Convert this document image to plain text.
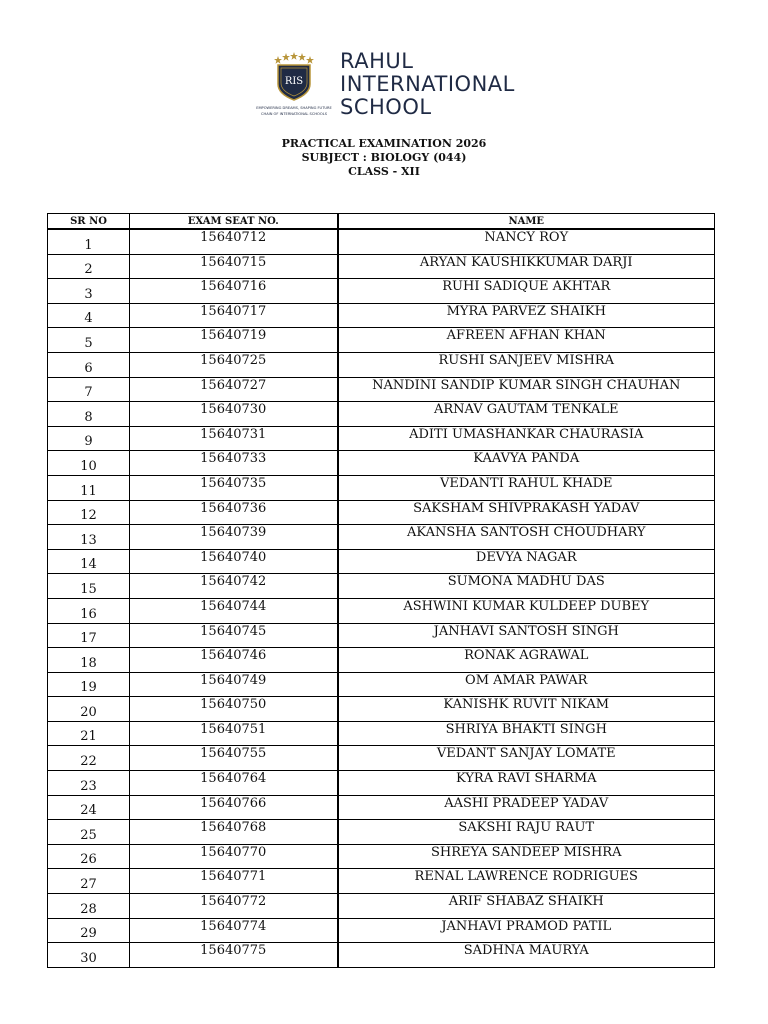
RIS
EMPOWERING DREAMS, SHAPING FUTURE
CHAIN OF INTERNATIONAL SCHOOLS
RAHUL
INTERNATIONAL
SCHOOL
PRACTICAL EXAMINATION 2026
SUBJECT : BIOLOGY (044)
CLASS - XII
SR NO	EXAM SEAT NO.	NAME
1	15640712	NANCY ROY
2	15640715	ARYAN KAUSHIKKUMAR DARJI
3	15640716	RUHI SADIQUE AKHTAR
4	15640717	MYRA PARVEZ SHAIKH
5	15640719	AFREEN AFHAN KHAN
6	15640725	RUSHI SANJEEV MISHRA
7	15640727	NANDINI SANDIP KUMAR SINGH CHAUHAN
8	15640730	ARNAV GAUTAM TENKALE
9	15640731	ADITI UMASHANKAR CHAURASIA
10	15640733	KAAVYA PANDA
11	15640735	VEDANTI RAHUL KHADE
12	15640736	SAKSHAM SHIVPRAKASH YADAV
13	15640739	AKANSHA SANTOSH CHOUDHARY
14	15640740	DEVYA NAGAR
15	15640742	SUMONA MADHU DAS
16	15640744	ASHWINI KUMAR KULDEEP DUBEY
17	15640745	JANHAVI SANTOSH SINGH
18	15640746	RONAK AGRAWAL
19	15640749	OM AMAR PAWAR
20	15640750	KANISHK RUVIT NIKAM
21	15640751	SHRIYA BHAKTI SINGH
22	15640755	VEDANT SANJAY LOMATE
23	15640764	KYRA RAVI SHARMA
24	15640766	AASHI PRADEEP YADAV
25	15640768	SAKSHI RAJU RAUT
26	15640770	SHREYA SANDEEP MISHRA
27	15640771	RENAL LAWRENCE RODRIGUES
28	15640772	ARIF SHABAZ SHAIKH
29	15640774	JANHAVI PRAMOD PATIL
30	15640775	SADHNA MAURYA
